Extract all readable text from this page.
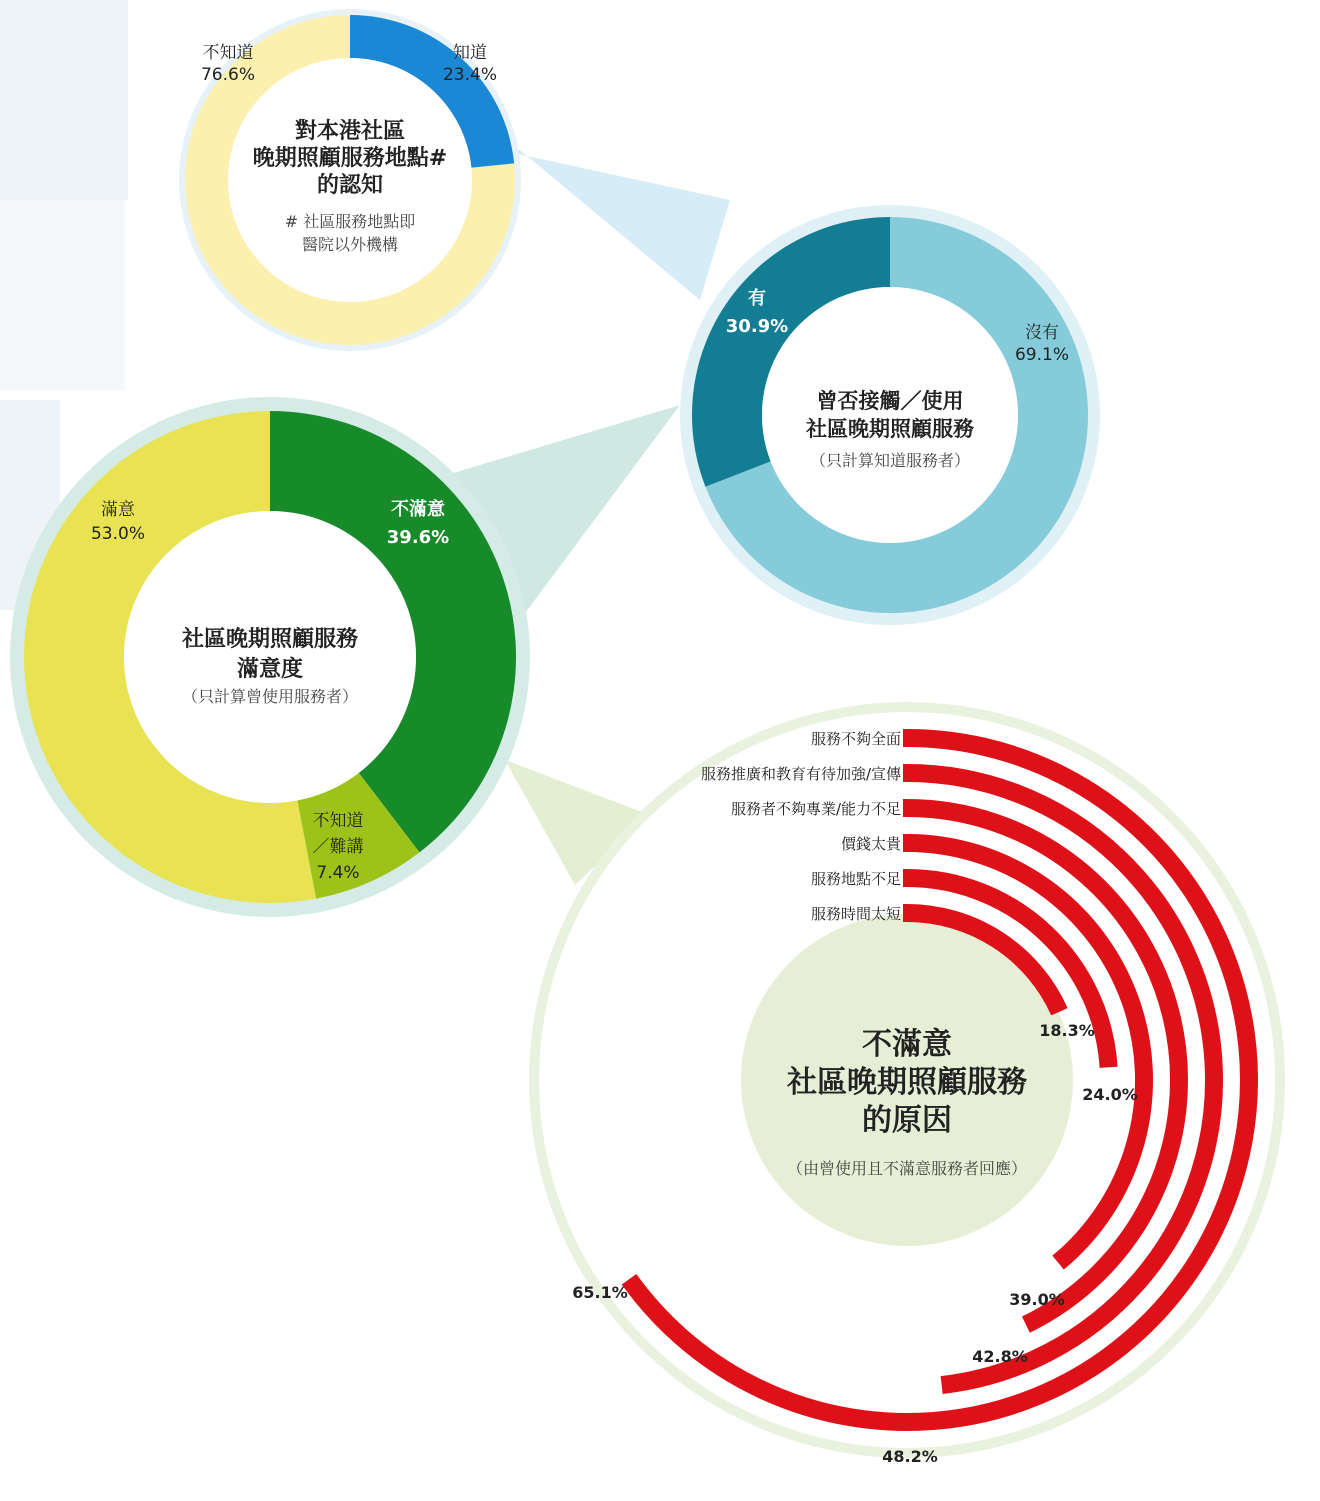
對本港社區
晚期照顧服務地點#
的認知
# 社區服務地點即
醫院以外機構
知道
23.4%
不知道
76.6%
曾否接觸／使用
社區晚期照顧服務
（只計算知道服務者）
沒有
69.1%
有
30.9%
社區晚期照顧服務
滿意度
（只計算曾使用服務者）
不滿意
39.6%
不知道
／難講
7.4%
滿意
53.0%
服務不夠全面
65.1%
服務推廣和教育有待加強/宣傳
48.2%
服務者不夠專業/能力不足
42.8%
價錢太貴
39.0%
服務地點不足
24.0%
服務時間太短
18.3%
不滿意
社區晚期照顧服務
的原因
（由曾使用且不滿意服務者回應）
